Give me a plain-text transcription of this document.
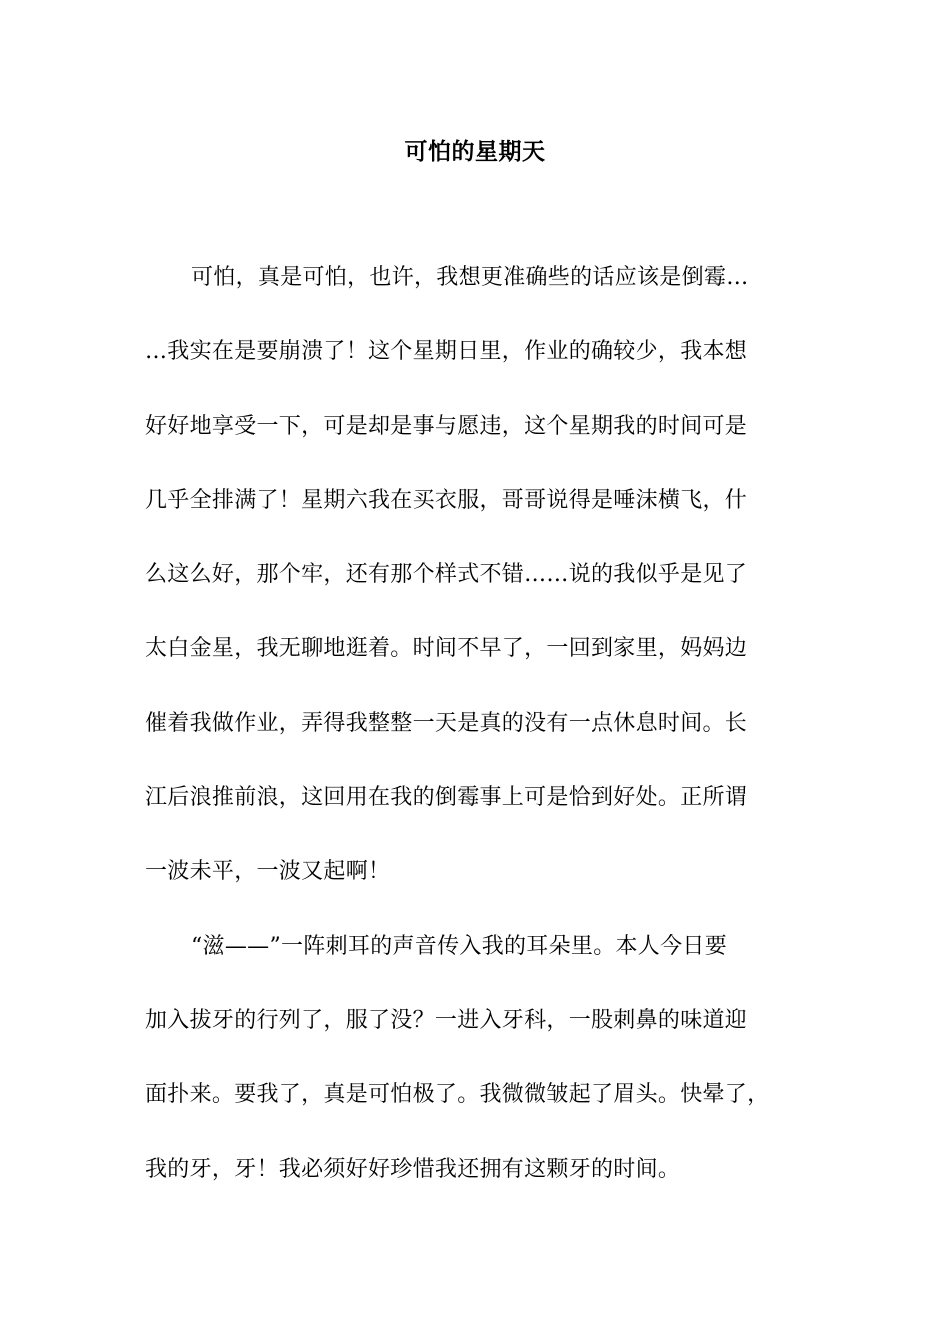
可怕的星期天
可怕，真是可怕，也许，我想更准确些的话应该是倒霉…
…我实在是要崩溃了！这个星期日里，作业的确较少，我本想
好好地享受一下，可是却是事与愿违，这个星期我的时间可是
几乎全排满了！星期六我在买衣服，哥哥说得是唾沫横飞，什
么这么好，那个牢，还有那个样式不错……说的我似乎是见了
太白金星，我无聊地逛着。时间不早了，一回到家里，妈妈边
催着我做作业，弄得我整整一天是真的没有一点休息时间。长
江后浪推前浪，这回用在我的倒霉事上可是恰到好处。正所谓
一波未平，一波又起啊！
“滋——”一阵刺耳的声音传入我的耳朵里。本人今日要
加入拔牙的行列了，服了没？一进入牙科，一股刺鼻的味道迎
面扑来。要我了，真是可怕极了。我微微皱起了眉头。快晕了，
我的牙，牙！我必须好好珍惜我还拥有这颗牙的时间。
